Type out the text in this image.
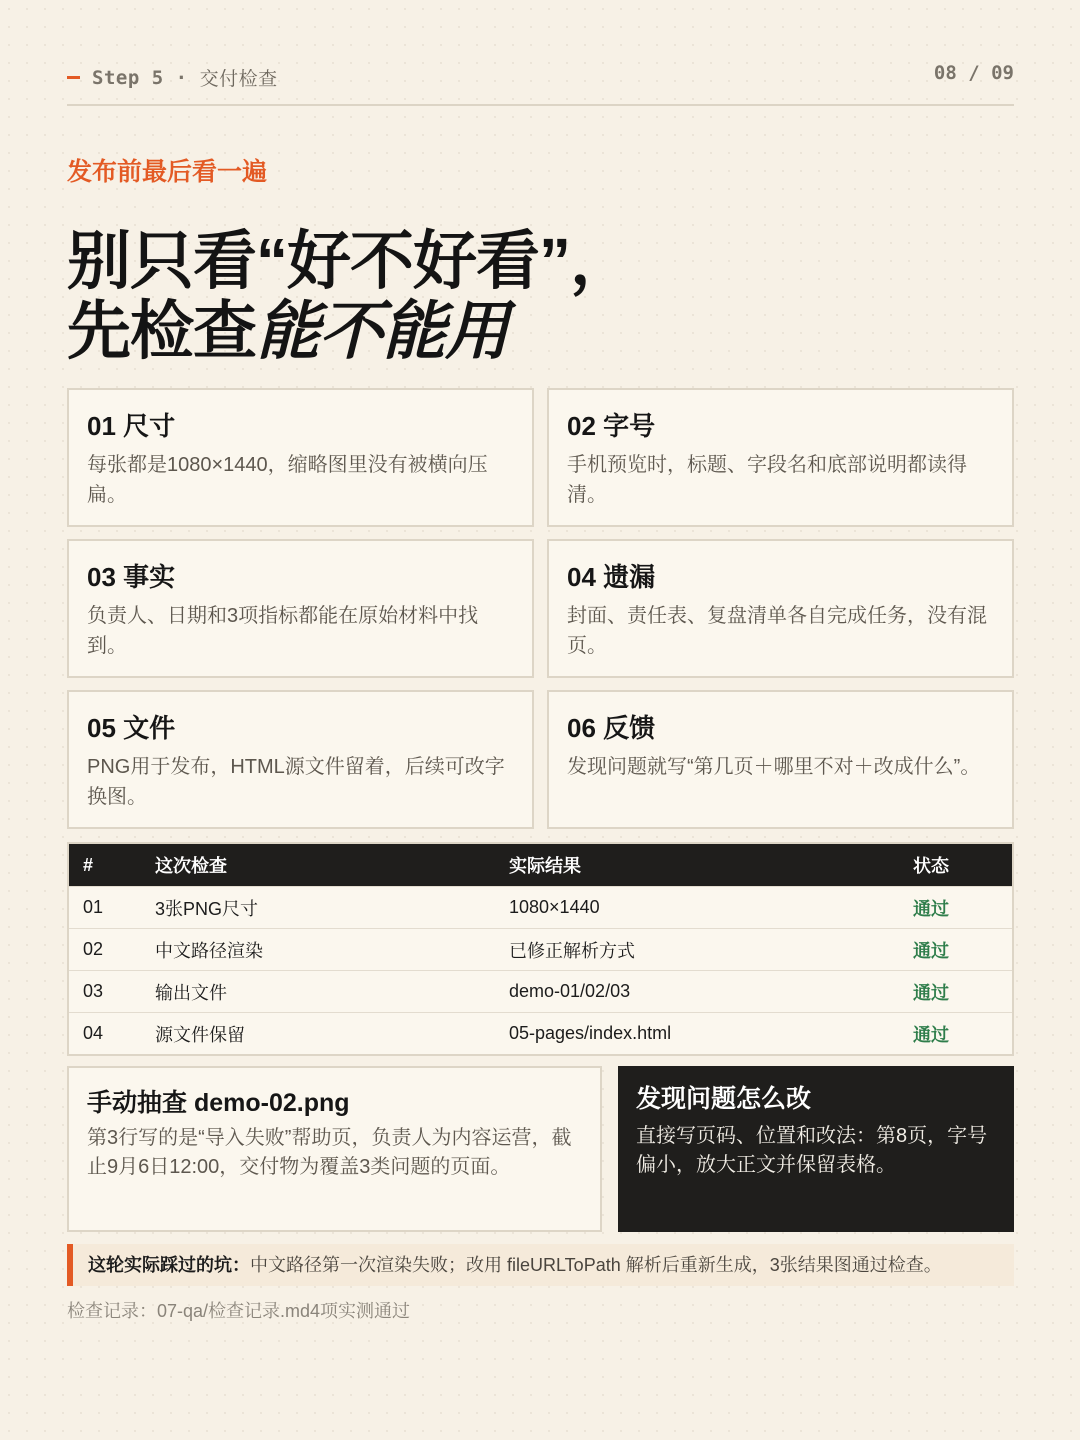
Step 5 · 交付检查	08 / 09
发布前最后看一遍
别只看“好不好看”，
先检查能不能用
01 尺寸
每张都是1080×1440，缩略图里没有被横向压扁。
02 字号
手机预览时，标题、字段名和底部说明都读得清。
03 事实
负责人、日期和3项指标都能在原始材料中找到。
04 遗漏
封面、责任表、复盘清单各自完成任务，没有混页。
05 文件
PNG用于发布，HTML源文件留着，后续可改字换图。
06 反馈
发现问题就写“第几页＋哪里不对＋改成什么”。
#	这次检查	实际结果	状态
01	3张PNG尺寸	1080×1440	通过
02	中文路径渲染	已修正解析方式	通过
03	输出文件	demo-01/02/03	通过
04	源文件保留	05-pages/index.html	通过
手动抽查 demo-02.png
第3行写的是“导入失败”帮助页，负责人为内容运营，截止9月6日12:00，交付物为覆盖3类问题的页面。
发现问题怎么改
直接写页码、位置和改法：第8页，字号偏小，放大正文并保留表格。
这轮实际踩过的坑：中文路径第一次渲染失败；改用 fileURLToPath 解析后重新生成，3张结果图通过检查。
检查记录：07-qa/检查记录.md4项实测通过
